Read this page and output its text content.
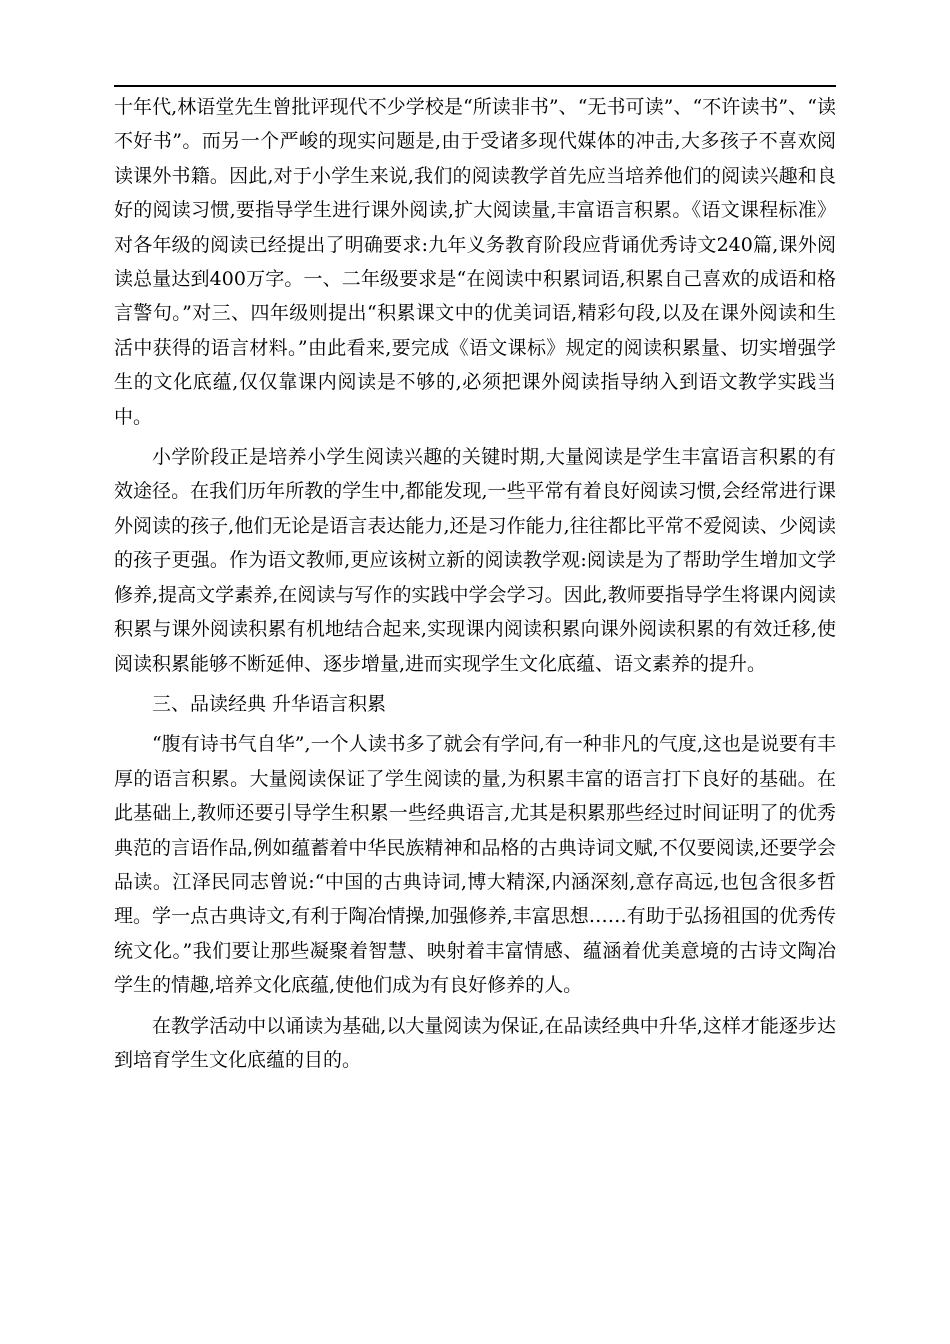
十年代,林语堂先生曾批评现代不少学校是“所读非书”、“无书可读”、“不许读书”、“读不好书”。而另一个严峻的现实问题是,由于受诸多现代媒体的冲击,大多孩子不喜欢阅读课外书籍。因此,对于小学生来说,我们的阅读教学首先应当培养他们的阅读兴趣和良好的阅读习惯,要指导学生进行课外阅读,扩大阅读量,丰富语言积累。《语文课程标准》对各年级的阅读已经提出了明确要求:九年义务教育阶段应背诵优秀诗文240篇,课外阅读总量达到400万字。一、二年级要求是“在阅读中积累词语,积累自己喜欢的成语和格言警句。”对三、四年级则提出“积累课文中的优美词语,精彩句段,以及在课外阅读和生活中获得的语言材料。”由此看来,要完成《语文课标》规定的阅读积累量、切实增强学生的文化底蕴,仅仅靠课内阅读是不够的,必须把课外阅读指导纳入到语文教学实践当中。

小学阶段正是培养小学生阅读兴趣的关键时期,大量阅读是学生丰富语言积累的有效途径。在我们历年所教的学生中,都能发现,一些平常有着良好阅读习惯,会经常进行课外阅读的孩子,他们无论是语言表达能力,还是习作能力,往往都比平常不爱阅读、少阅读的孩子更强。作为语文教师,更应该树立新的阅读教学观:阅读是为了帮助学生增加文学修养,提高文学素养,在阅读与写作的实践中学会学习。因此,教师要指导学生将课内阅读积累与课外阅读积累有机地结合起来,实现课内阅读积累向课外阅读积累的有效迁移,使阅读积累能够不断延伸、逐步增量,进而实现学生文化底蕴、语文素养的提升。

三、品读经典 升华语言积累

“腹有诗书气自华”,一个人读书多了就会有学问,有一种非凡的气度,这也是说要有丰厚的语言积累。大量阅读保证了学生阅读的量,为积累丰富的语言打下良好的基础。在此基础上,教师还要引导学生积累一些经典语言,尤其是积累那些经过时间证明了的优秀典范的言语作品,例如蕴蓄着中华民族精神和品格的古典诗词文赋,不仅要阅读,还要学会品读。江泽民同志曾说:“中国的古典诗词,博大精深,内涵深刻,意存高远,也包含很多哲理。学一点古典诗文,有利于陶冶情操,加强修养,丰富思想……有助于弘扬祖国的优秀传统文化。”我们要让那些凝聚着智慧、映射着丰富情感、蕴涵着优美意境的古诗文陶冶学生的情趣,培养文化底蕴,使他们成为有良好修养的人。

在教学活动中以诵读为基础,以大量阅读为保证,在品读经典中升华,这样才能逐步达到培育学生文化底蕴的目的。
